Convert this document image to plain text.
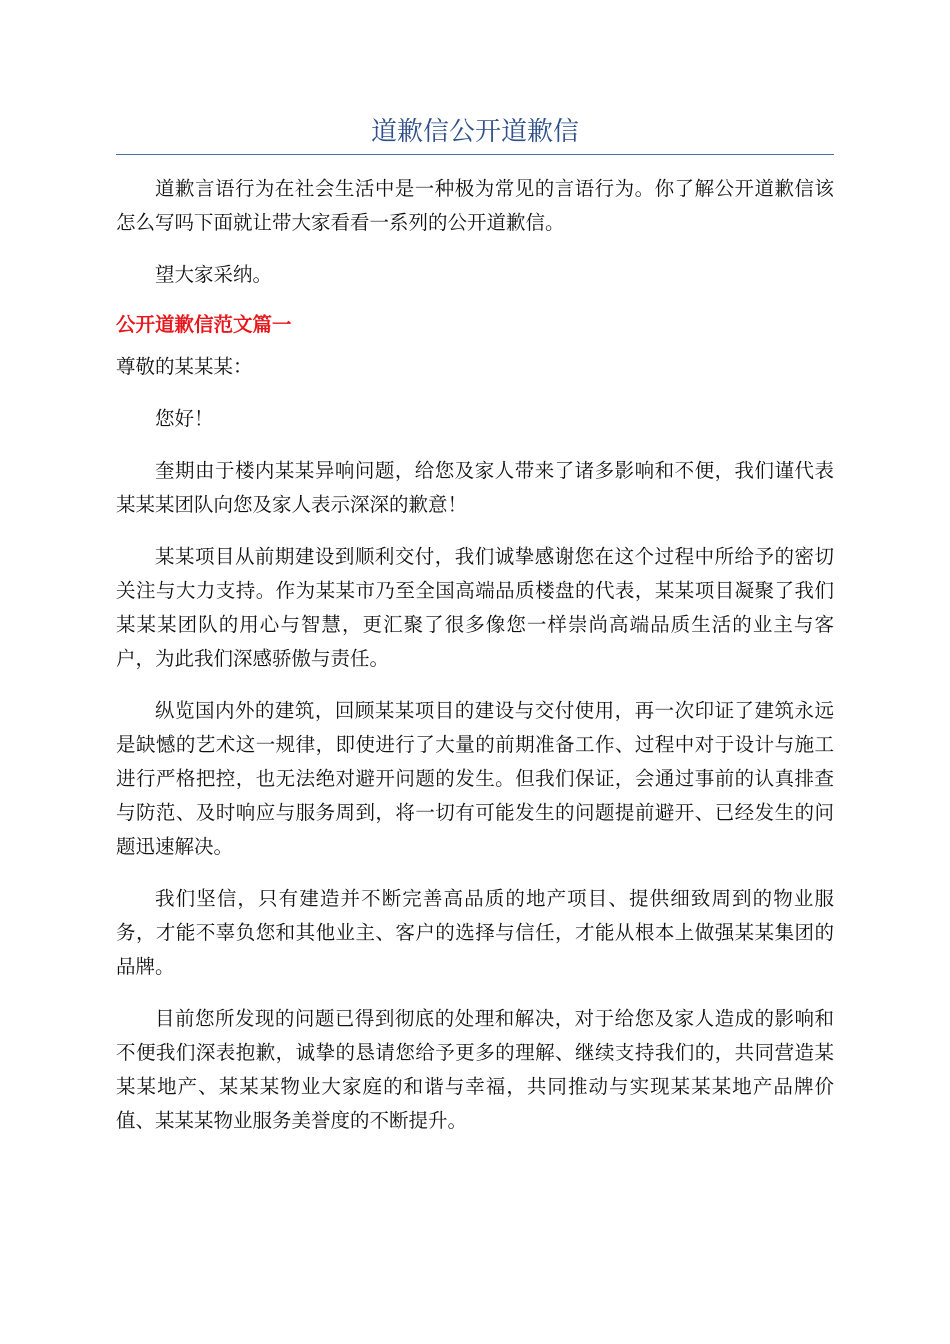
道歉信公开道歉信

道歉言语行为在社会生活中是一种极为常见的言语行为。你了解公开道歉信该怎么写吗下面就让带大家看看一系列的公开道歉信。

望大家采纳。

公开道歉信范文篇一

尊敬的某某某：

您好！

奎期由于楼内某某异响问题，给您及家人带来了诸多影响和不便，我们谨代表某某某团队向您及家人表示深深的歉意！

某某项目从前期建设到顺利交付，我们诚挚感谢您在这个过程中所给予的密切关注与大力支持。作为某某市乃至全国高端品质楼盘的代表，某某项目凝聚了我们某某某团队的用心与智慧，更汇聚了很多像您一样崇尚高端品质生活的业主与客户，为此我们深感骄傲与责任。

纵览国内外的建筑，回顾某某项目的建设与交付使用，再一次印证了建筑永远是缺憾的艺术这一规律，即使进行了大量的前期准备工作、过程中对于设计与施工进行严格把控，也无法绝对避开问题的发生。但我们保证，会通过事前的认真排查与防范、及时响应与服务周到，将一切有可能发生的问题提前避开、已经发生的问题迅速解决。

我们坚信，只有建造并不断完善高品质的地产项目、提供细致周到的物业服务，才能不辜负您和其他业主、客户的选择与信任，才能从根本上做强某某集团的品牌。

目前您所发现的问题已得到彻底的处理和解决，对于给您及家人造成的影响和不便我们深表抱歉，诚挚的恳请您给予更多的理解、继续支持我们的，共同营造某某某地产、某某某物业大家庭的和谐与幸福，共同推动与实现某某某地产品牌价值、某某某物业服务美誉度的不断提升。
